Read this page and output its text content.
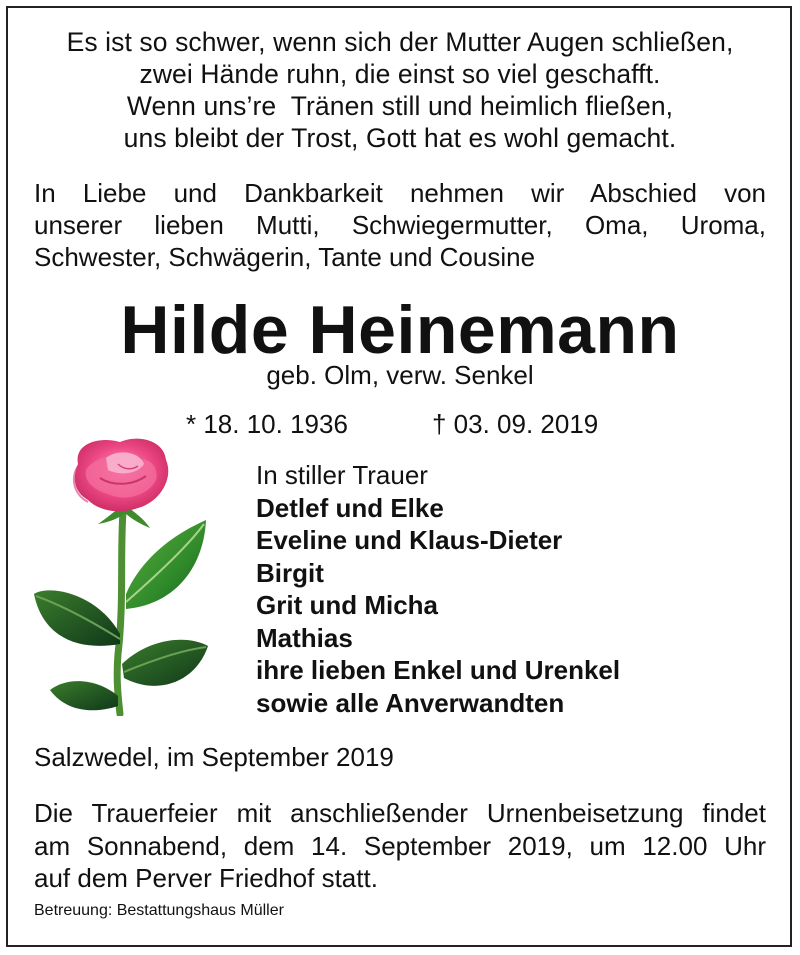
Es ist so schwer, wenn sich der Mutter Augen schließen,
zwei Hände ruhn, die einst so viel geschafft.
Wenn uns’re  Tränen still und heimlich fließen,
uns bleibt der Trost, Gott hat es wohl gemacht.
In Liebe und Dankbarkeit nehmen wir Abschied von
unserer lieben Mutti, Schwiegermutter, Oma, Uroma,
Schwester, Schwägerin, Tante und Cousine
Hilde Heinemann
geb. Olm, verw. Senkel
* 18. 10. 1936	† 03. 09. 2019
In stiller Trauer
Detlef und Elke
Eveline und Klaus-Dieter
Birgit
Grit und Micha
Mathias
ihre lieben Enkel und Urenkel
sowie alle Anverwandten
Salzwedel, im September 2019
Die Trauerfeier mit anschließender Urnenbeisetzung findet
am Sonnabend, dem 14. September 2019, um 12.00 Uhr
auf dem Perver Friedhof statt.
Betreuung: Bestattungshaus Müller
